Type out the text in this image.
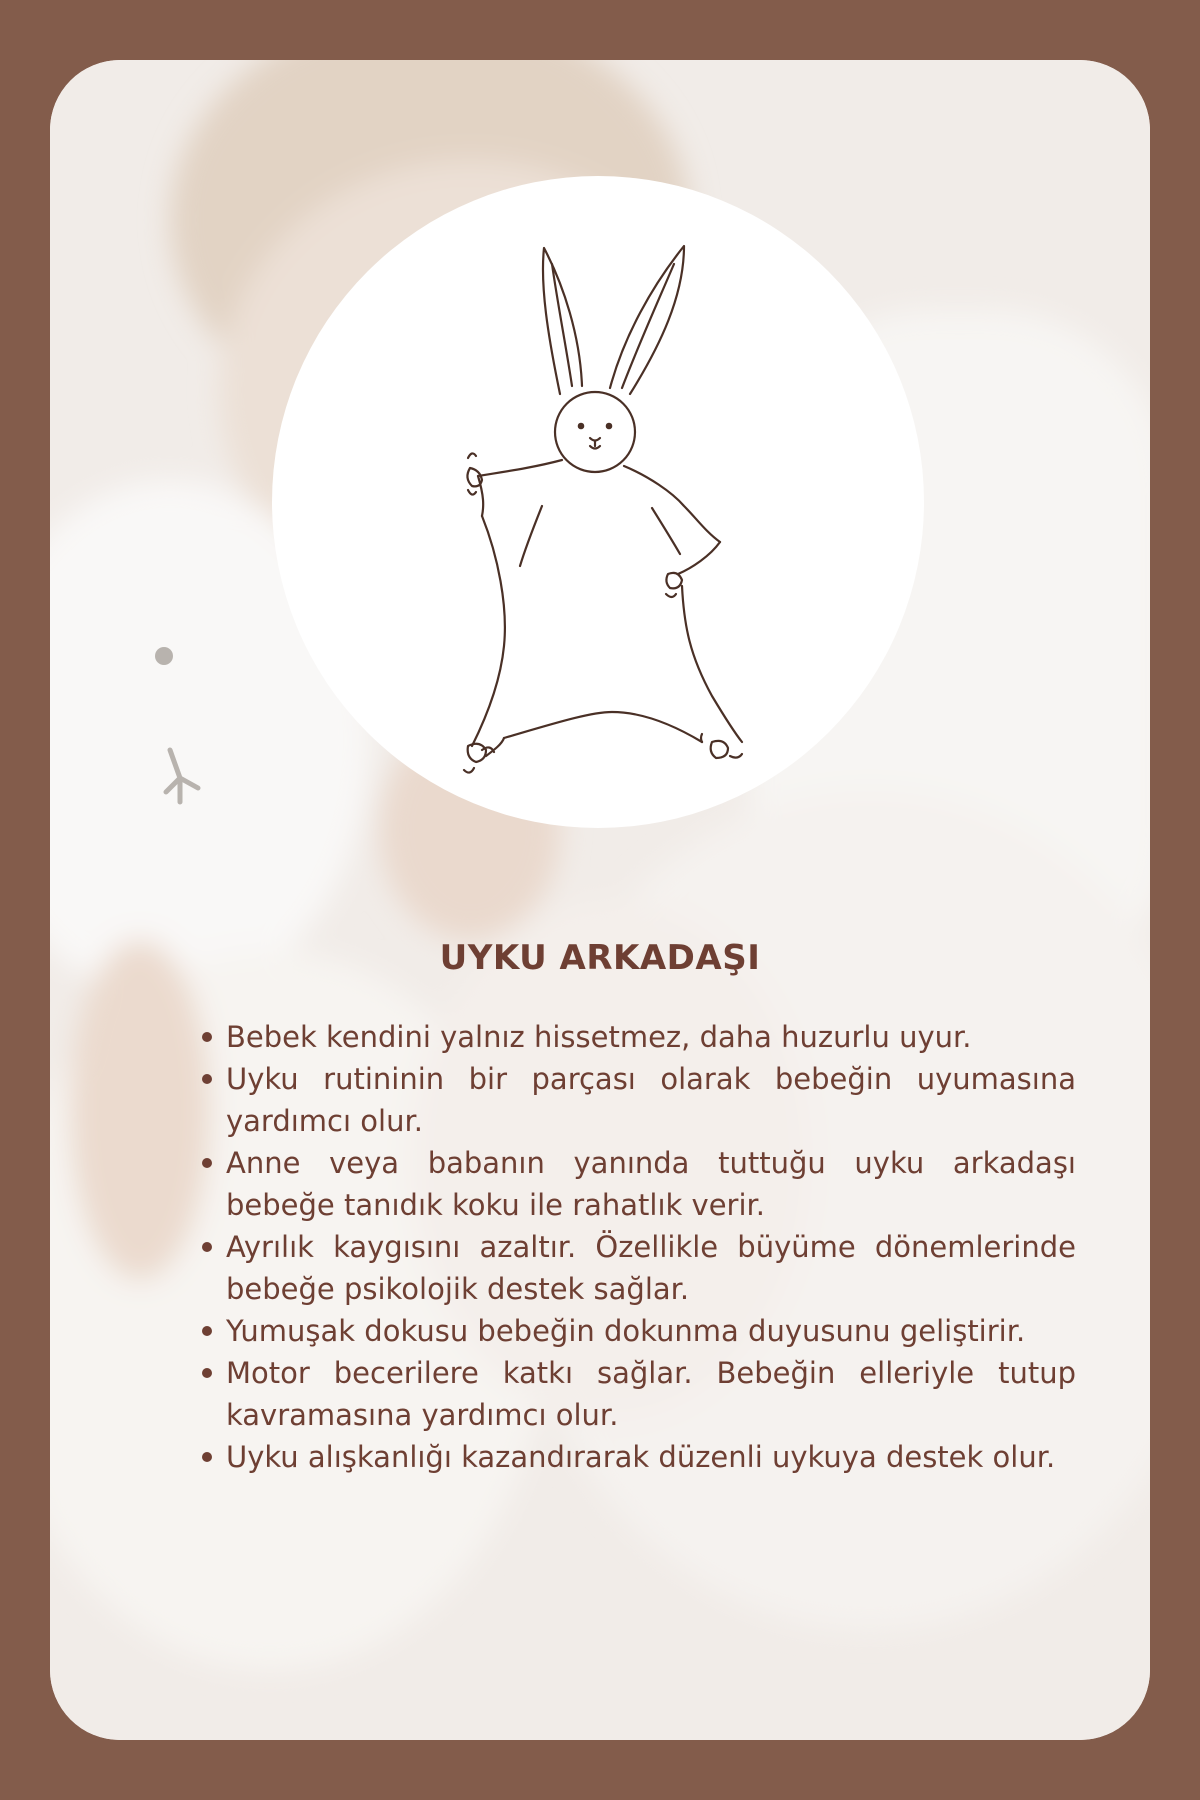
UYKU ARKADAŞI
Bebek kendini yalnız hissetmez, daha huzurlu uyur.
Uyku rutininin bir parçası olarak bebeğin uyumasına yardımcı olur.
Anne veya babanın yanında tuttuğu uyku arkadaşı bebeğe tanıdık koku ile rahatlık verir.
Ayrılık kaygısını azaltır. Özellikle büyüme dönemlerinde bebeğe psikolojik destek sağlar.
Yumuşak dokusu bebeğin dokunma duyusunu geliştirir.
Motor becerilere katkı sağlar. Bebeğin elleriyle tutup kavramasına yardımcı olur.
Uyku alışkanlığı kazandırarak düzenli uykuya destek olur.
